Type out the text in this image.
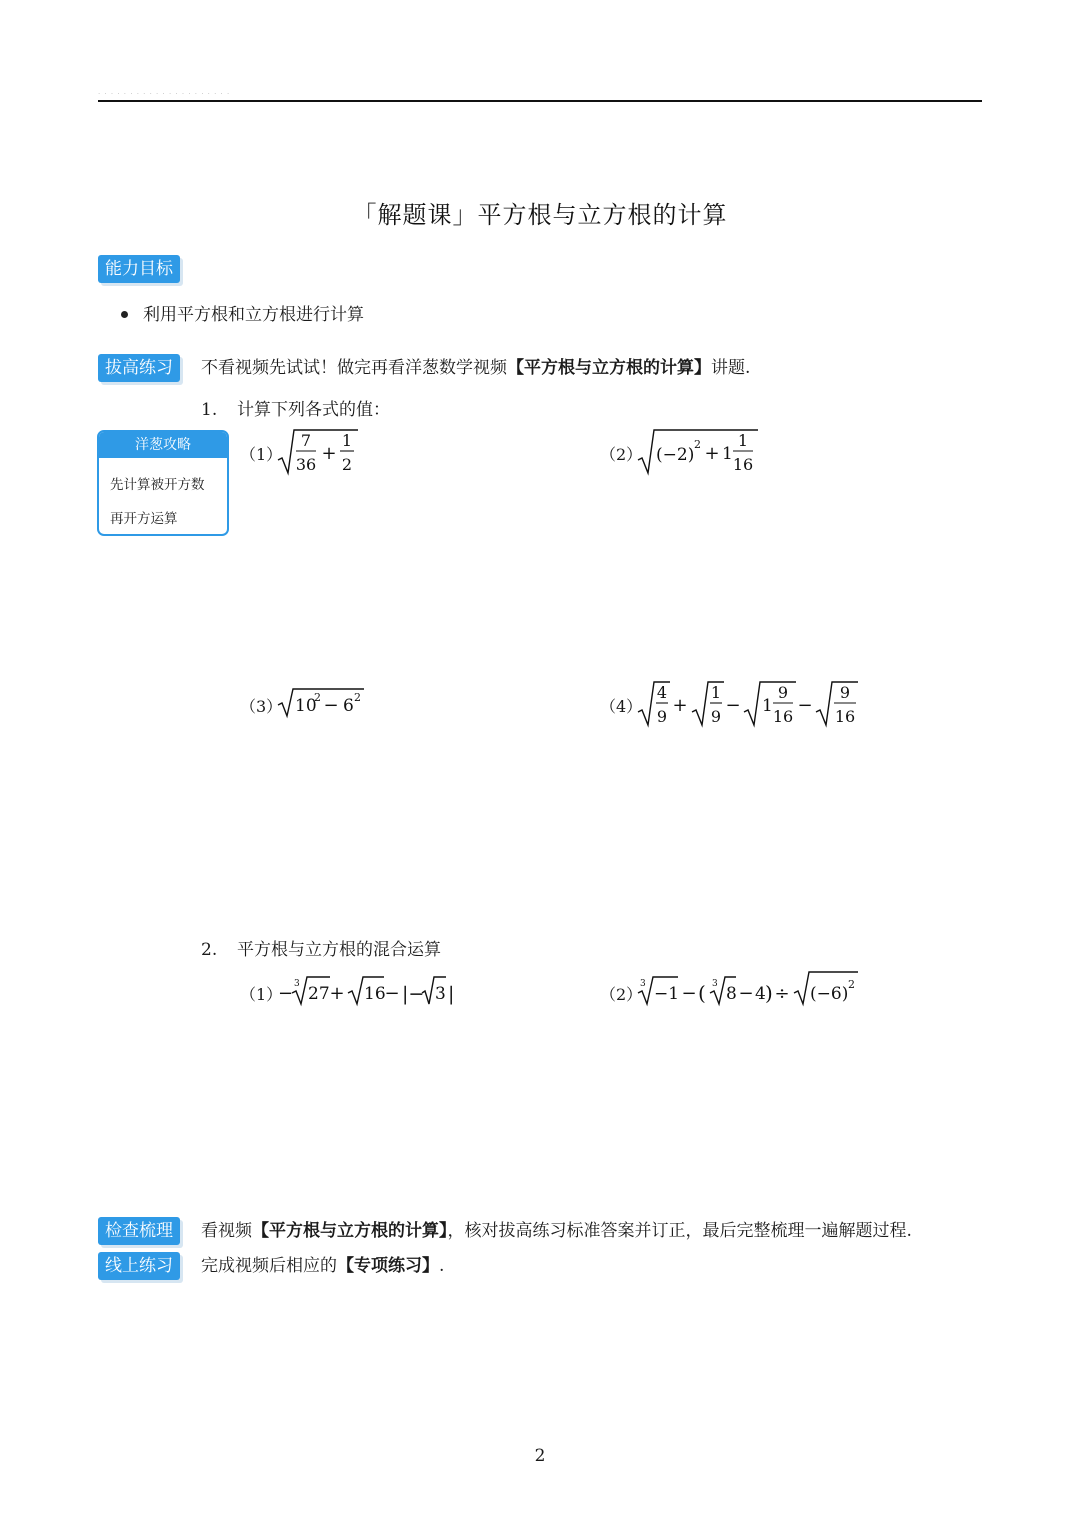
. . . . . . . . . . . . . . . . . . . . .
「解题课」平方根与立方根的计算
能力目标
利用平方根和立方根进行计算
拔高练习	不看视频先试试！做完再看洋葱数学视频【平方根与立方根的计算】讲题.
1. 计算下列各式的值：
洋葱攻略
先计算被开方数
再开方运算
（1）
7
36
+
1
2
（2） (−2)
2 + 1
1
16
（3） 10
2 − 6 2	（4）
4
9
+
1
9
− 1
9
16
−
9
16
2. 平方根与立方根的混合运算
（1）
− 3 27 + 16
− |− 3 |	（2）
3 −1 − ( 3 8 − 4 ) ÷ (−6) 2
检查梳理	看视频【平方根与立方根的计算】，核对拔高练习标准答案并订正，最后完整梳理一遍解题过程.
线上练习	完成视频后相应的【专项练习】.
2
